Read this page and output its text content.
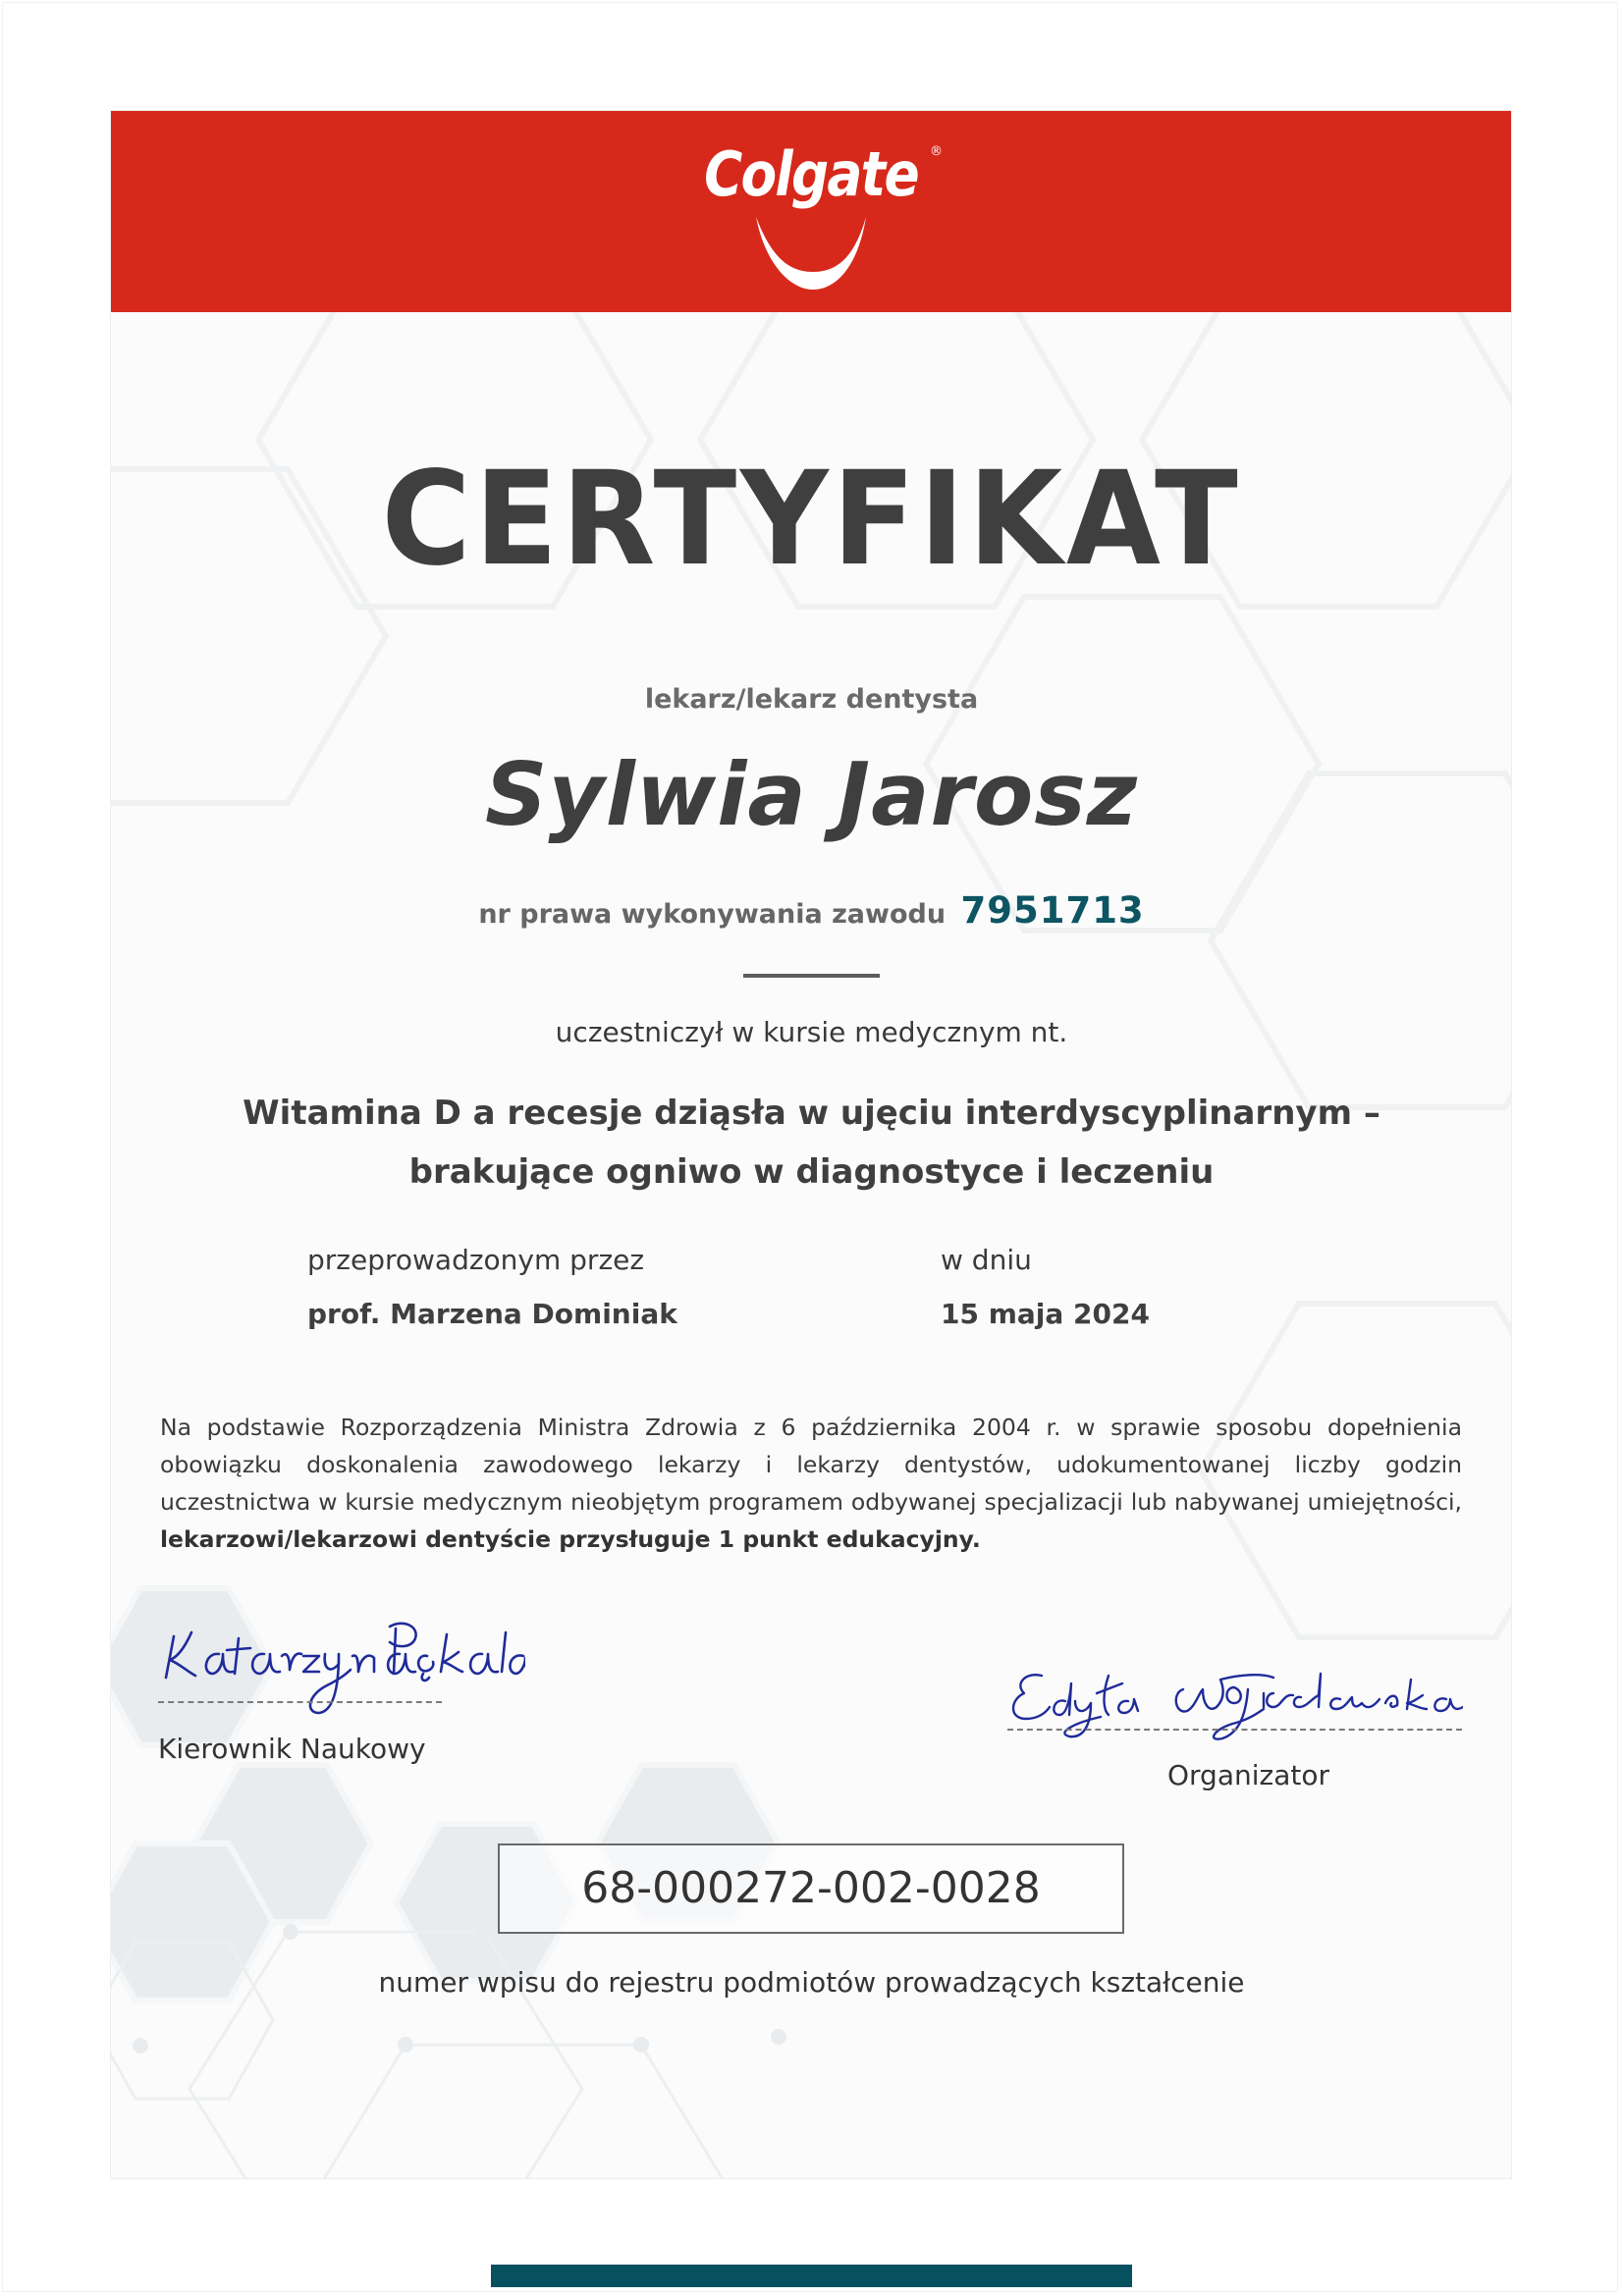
Colgate ®
CERTYFIKAT
lekarz/lekarz dentysta
Sylwia Jarosz
nr prawa wykonywania zawodu 7951713
uczestniczył w kursie medycznym nt.
Witamina D a recesje dziąsła w ujęciu interdyscyplinarnym –
brakujące ogniwo w diagnostyce i leczeniu
przeprowadzonym przez
prof. Marzena Dominiak
w dniu
15 maja 2024
Na podstawie Rozporządzenia Ministra Zdrowia z 6 października 2004 r. w sprawie sposobu dopełnienia obowiązku doskonalenia zawodowego lekarzy i lekarzy dentystów, udokumentowanej liczby godzin uczestnictwa w kursie medycznym nieobjętym programem odbywanej specjalizacji lub nabywanej umiejętności, lekarzowi/lekarzowi dentyście przysługuje 1 punkt edukacyjny.
Kierownik Naukowy
Organizator
68-000272-002-0028
numer wpisu do rejestru podmiotów prowadzących kształcenie
